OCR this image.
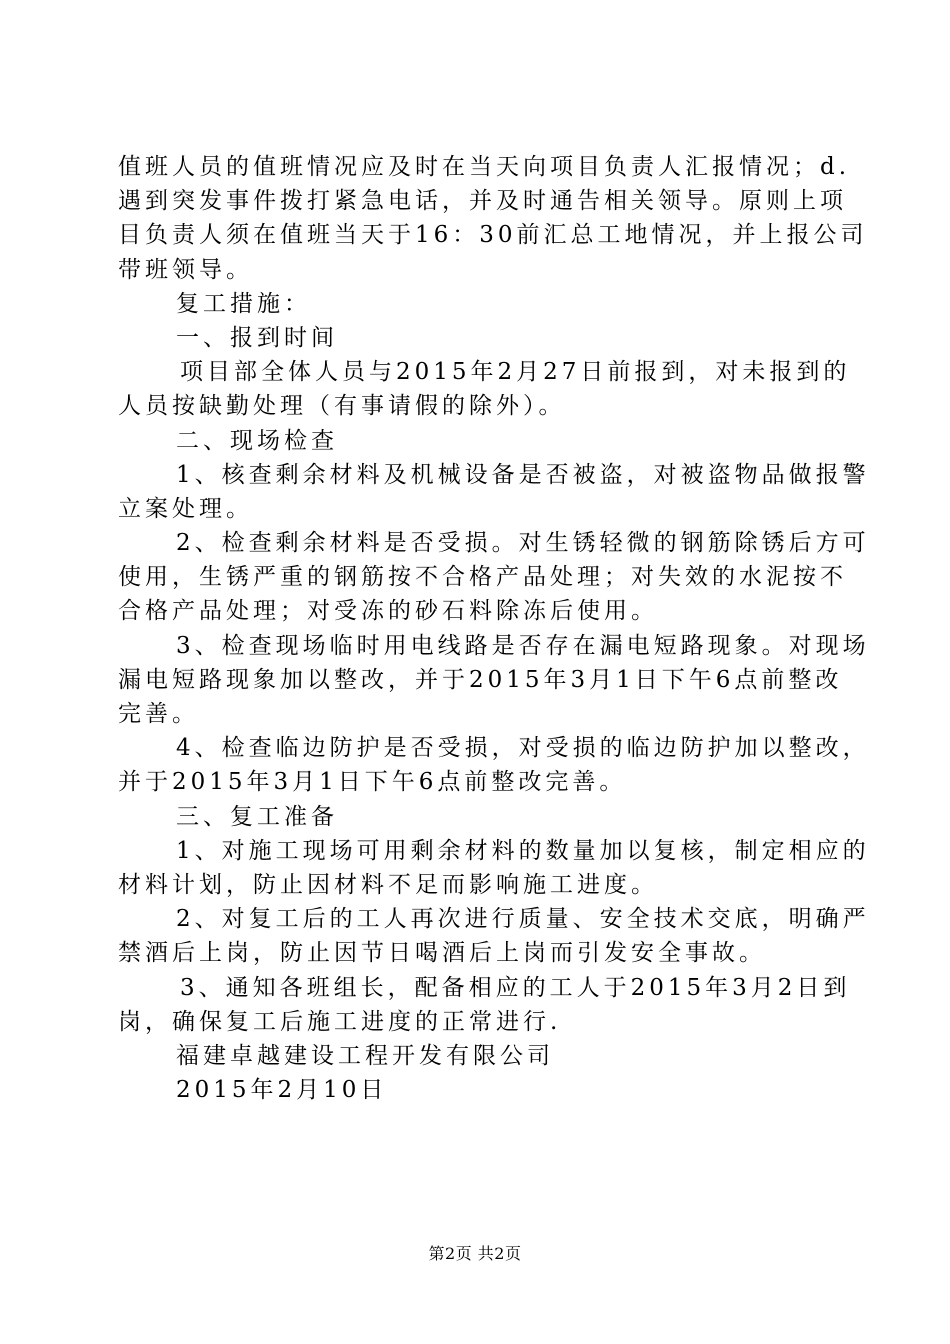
值班人员的值班情况应及时在当天向项目负责人汇报情况；d.
遇到突发事件拨打紧急电话，并及时通告相关领导。原则上项
目负责人须在值班当天于16：30前汇总工地情况，并上报公司
带班领导。
复工措施：
一、报到时间
项目部全体人员与2015年2月27日前报到，对未报到的
人员按缺勤处理（有事请假的除外）。
二、现场检查
1、核查剩余材料及机械设备是否被盗，对被盗物品做报警
立案处理。
2、检查剩余材料是否受损。对生锈轻微的钢筋除锈后方可
使用，生锈严重的钢筋按不合格产品处理；对失效的水泥按不
合格产品处理；对受冻的砂石料除冻后使用。
3、检查现场临时用电线路是否存在漏电短路现象。对现场
漏电短路现象加以整改，并于2015年3月1日下午6点前整改
完善。
4、检查临边防护是否受损，对受损的临边防护加以整改，
并于2015年3月1日下午6点前整改完善。
三、复工准备
1、对施工现场可用剩余材料的数量加以复核，制定相应的
材料计划，防止因材料不足而影响施工进度。
2、对复工后的工人再次进行质量、安全技术交底，明确严
禁酒后上岗，防止因节日喝酒后上岗而引发安全事故。
3、通知各班组长，配备相应的工人于2015年3月2日到
岗，确保复工后施工进度的正常进行.
福建卓越建设工程开发有限公司
2015年2月10日
第2页 共2页
